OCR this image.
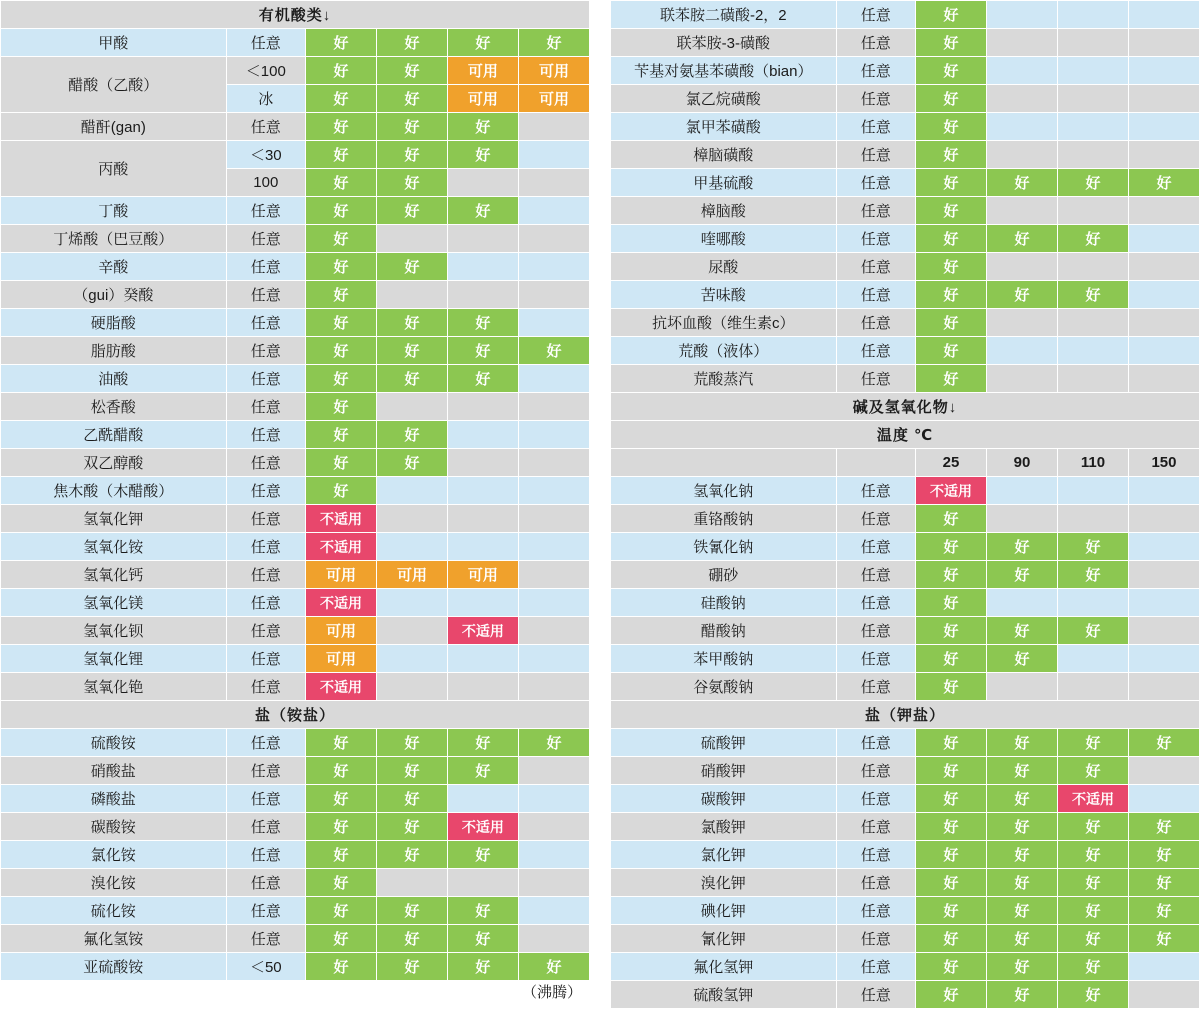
有机酸类↓					
甲酸	任意	好	好	好	好
醋酸（乙酸）	＜100	好	好	可用	可用
	冰	好	好	可用	可用
醋酐(gan)	任意	好	好	好	
丙酸	＜30	好	好	好	
	100	好	好		
丁酸	任意	好	好	好	
丁烯酸（巴豆酸）	任意	好			
辛酸	任意	好	好		
（gui）癸酸	任意	好			
硬脂酸	任意	好	好	好	
脂肪酸	任意	好	好	好	好
油酸	任意	好	好	好	
松香酸	任意	好			
乙酰醋酸	任意	好	好		
双乙醇酸	任意	好	好		
焦木酸（木醋酸）	任意	好			
氢氧化钾	任意	不适用			
氢氧化铵	任意	不适用			
氢氧化钙	任意	可用	可用	可用	
氢氧化镁	任意	不适用			
氢氧化钡	任意	可用		不适用	
氢氧化锂	任意	可用			
氢氧化铯	任意	不适用			
盐（铵盐）					
硫酸铵	任意	好	好	好	好
硝酸盐	任意	好	好	好	
磷酸盐	任意	好	好		
碳酸铵	任意	好	好	不适用	
氯化铵	任意	好	好	好	
溴化铵	任意	好			
硫化铵	任意	好	好	好	
氟化氢铵	任意	好	好	好	
亚硫酸铵	＜50	好	好	好	好
（沸腾）
联苯胺二磺酸-2，2	任意	好			
联苯胺-3-磺酸	任意	好			
苄基对氨基苯磺酸（bian）	任意	好			
氯乙烷磺酸	任意	好			
氯甲苯磺酸	任意	好			
樟脑磺酸	任意	好			
甲基硫酸	任意	好	好	好	好
樟脑酸	任意	好			
喹哪酸	任意	好	好	好	
尿酸	任意	好			
苦味酸	任意	好	好	好	
抗坏血酸（维生素c）	任意	好			
荒酸（液体）	任意	好			
荒酸蒸汽	任意	好			
碱及氢氧化物↓					
温度 ℃					
		25	90	110	150
氢氧化钠	任意	不适用			
重铬酸钠	任意	好			
铁氰化钠	任意	好	好	好	
硼砂	任意	好	好	好	
硅酸钠	任意	好			
醋酸钠	任意	好	好	好	
苯甲酸钠	任意	好	好		
谷氨酸钠	任意	好			
盐（钾盐）					
硫酸钾	任意	好	好	好	好
硝酸钾	任意	好	好	好	
碳酸钾	任意	好	好	不适用	
氯酸钾	任意	好	好	好	好
氯化钾	任意	好	好	好	好
溴化钾	任意	好	好	好	好
碘化钾	任意	好	好	好	好
氰化钾	任意	好	好	好	好
氟化氢钾	任意	好	好	好	
硫酸氢钾	任意	好	好	好	
